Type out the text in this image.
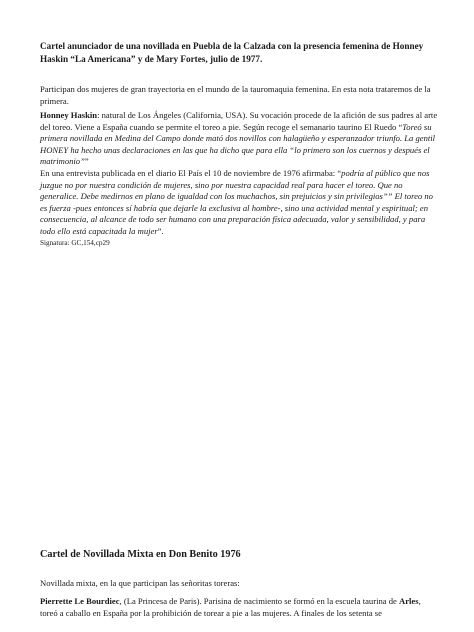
Cartel anunciador de una novillada en Puebla de la Calzada con la presencia femenina de Honney Haskin “La Americana” y de Mary Fortes, julio de 1977.

Participan dos mujeres de gran trayectoria en el mundo de la tauromaquia femenina. En esta nota trataremos de la primera.

Honney Haskin: natural de Los Ángeles (California, USA). Su vocación procede de la afición de sus padres al arte del toreo. Viene a España cuando se permite el toreo a pie. Según recoge el semanario taurino El Ruedo “Toreó su primera novillada en Medina del Campo donde mató dos novillos con halagüeño y esperanzador triunfo. La gentil HONEY ha hecho unas declaraciones en las que ha dicho que para ella “lo primero son los cuernos y después el matrimonio””

En una entrevista publicada en el diario El País el 10 de noviembre de 1976 afirmaba: “podría al público que nos juzgue no por nuestra condición de mujeres, sino por nuestra capacidad real para hacer el toreo. Que no generalice. Debe medirnos en plano de igualdad con los muchachos, sin prejuicios y sin privilegios”” El toreo no es fuerza -pues entonces sí habría que dejarle la exclusiva al hombre-, sino una actividad mental y espiritual; en consecuencia, al alcance de todo ser humano con una preparación física adecuada, valor y sensibilidad, y para todo ello está capacitada la mujer”.

Signatura: GC,154,cp29

Cartel de Novillada Mixta en Don Benito 1976

Novillada mixta, en la que participan las señoritas toreras:

Pierrette Le Bourdiec, (La Princesa de Paris). Parisina de nacimiento se formó en la escuela taurina de Arles, toreó a caballo en España por la prohibición de torear a pie a las mujeres. A finales de los setenta se
